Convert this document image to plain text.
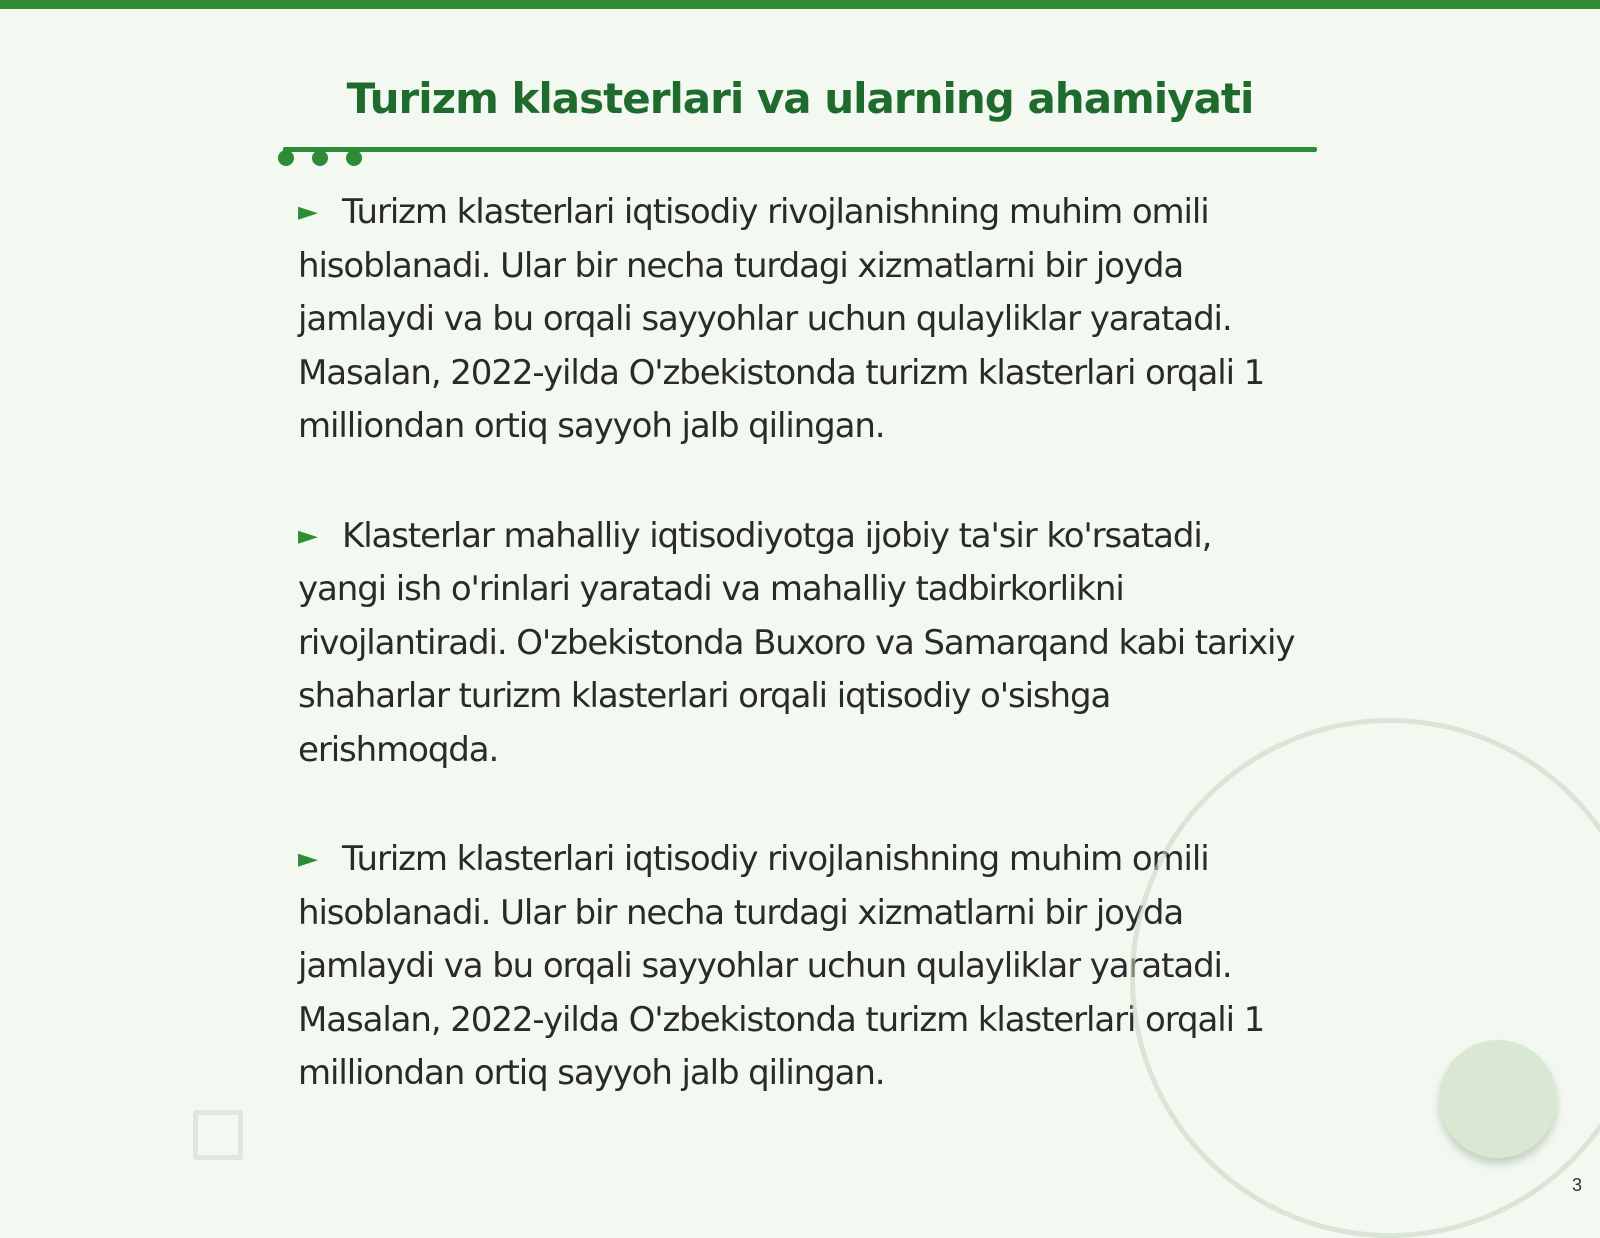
Turizm klasterlari va ularning ahamiyati

► Turizm klasterlari iqtisodiy rivojlanishning muhim omili hisoblanadi. Ular bir necha turdagi xizmatlarni bir joyda jamlaydi va bu orqali sayyohlar uchun qulayliklar yaratadi. Masalan, 2022-yilda O'zbekistonda turizm klasterlari orqali 1 milliondan ortiq sayyoh jalb qilingan.

► Klasterlar mahalliy iqtisodiyotga ijobiy ta'sir ko'rsatadi, yangi ish o'rinlari yaratadi va mahalliy tadbirkorlikni rivojlantiradi. O'zbekistonda Buxoro va Samarqand kabi tarixiy shaharlar turizm klasterlari orqali iqtisodiy o'sishga erishmoqda.

► Turizm klasterlari iqtisodiy rivojlanishning muhim omili hisoblanadi. Ular bir necha turdagi xizmatlarni bir joyda jamlaydi va bu orqali sayyohlar uchun qulayliklar yaratadi. Masalan, 2022-yilda O'zbekistonda turizm klasterlari orqali 1 milliondan ortiq sayyoh jalb qilingan.

3
